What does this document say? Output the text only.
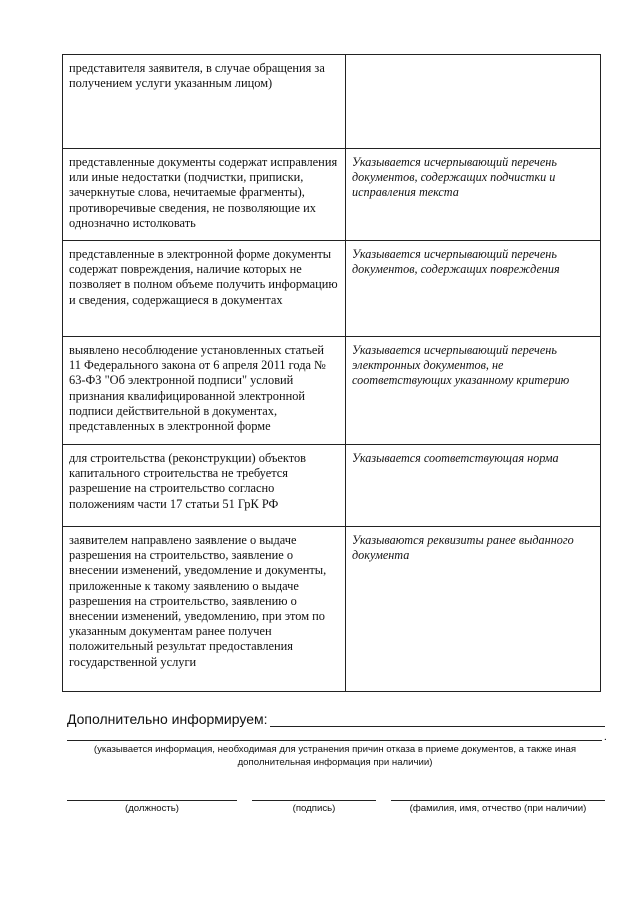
представителя заявителя, в случае обращения за получением услуги указанным лицом)	
представленные документы содержат исправления или иные недостатки (подчистки, приписки, зачеркнутые слова, нечитаемые фрагменты), противоречивые сведения, не позволяющие их однозначно истолковать	Указывается исчерпывающий перечень документов, содержащих подчистки и исправления текста
представленные в электронной форме документы содержат повреждения, наличие которых не позволяет в полном объеме получить информацию и сведения, содержащиеся в документах	Указывается исчерпывающий перечень документов, содержащих повреждения
выявлено несоблюдение установленных статьей 11 Федерального закона от 6 апреля 2011 года № 63-ФЗ "Об электронной подписи" условий признания квалифицированной электронной подписи действительной в документах, представленных в электронной форме	Указывается исчерпывающий перечень электронных документов, не соответствующих указанному критерию
для строительства (реконструкции) объектов капитального строительства не требуется разрешение на строительство согласно положениям части 17 статьи 51 ГрК РФ	Указывается соответствующая норма
заявителем направлено заявление о выдаче разрешения на строительство, заявление о внесении изменений, уведомление и документы, приложенные к такому заявлению о выдаче разрешения на строительство, заявлению о внесении изменений, уведомлению, при этом по указанным документам ранее получен положительный результат предоставления государственной услуги	Указываются реквизиты ранее выданного документа
Дополнительно информируем:
.
(указывается информация, необходимая для устранения причин отказа в приеме документов, а также иная дополнительная информация при наличии)
(должность)	(подпись)	(фамилия, имя, отчество (при наличии)
